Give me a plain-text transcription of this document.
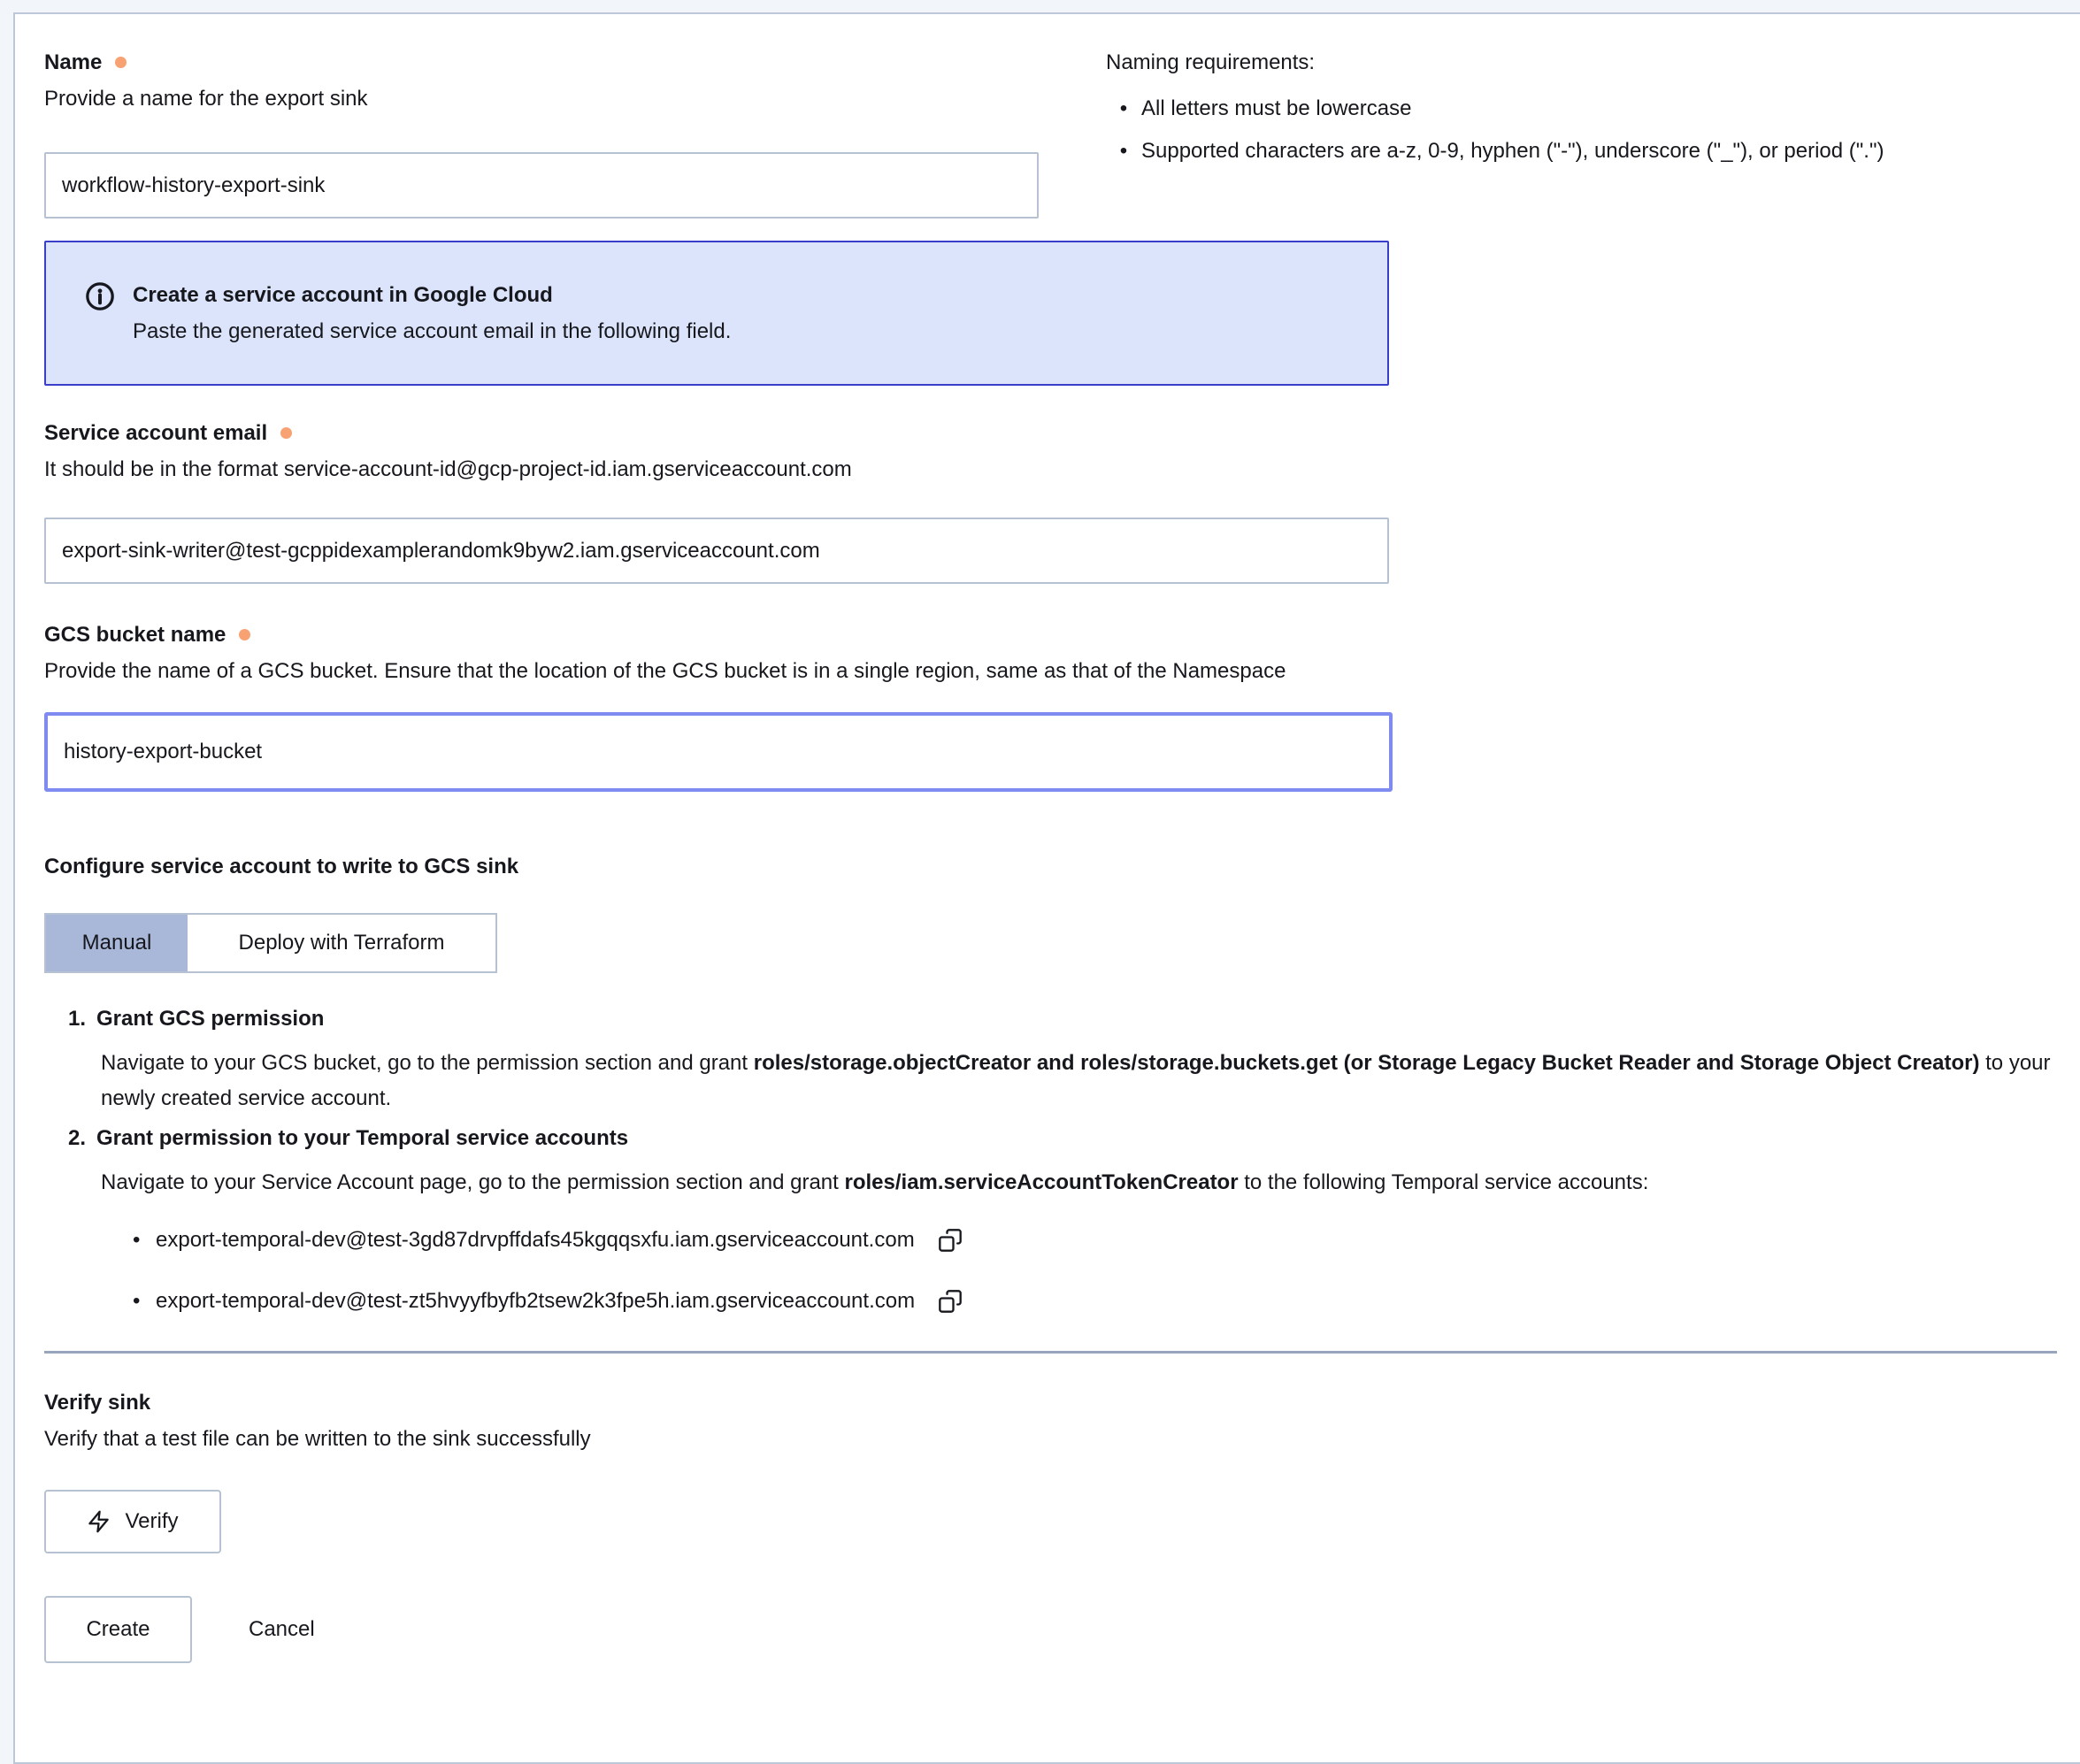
Name
Provide a name for the export sink
workflow-history-export-sink
Naming requirements:
• All letters must be lowercase
• Supported characters are a-z, 0-9, hyphen ("-"), underscore ("_"), or period (".")
Create a service account in Google Cloud
Paste the generated service account email in the following field.
Service account email
It should be in the format service-account-id@gcp-project-id.iam.gserviceaccount.com
export-sink-writer@test-gcppidexamplerandomk9byw2.iam.gserviceaccount.com
GCS bucket name
Provide the name of a GCS bucket. Ensure that the location of the GCS bucket is in a single region, same as that of the Namespace
history-export-bucket
Configure service account to write to GCS sink
Manual	Deploy with Terraform
1. Grant GCS permission
Navigate to your GCS bucket, go to the permission section and grant roles/storage.objectCreator and roles/storage.buckets.get (or Storage Legacy Bucket Reader and Storage Object Creator) to your newly created service account.
2. Grant permission to your Temporal service accounts
Navigate to your Service Account page, go to the permission section and grant roles/iam.serviceAccountTokenCreator to the following Temporal service accounts:
• export-temporal-dev@test-3gd87drvpffdafs45kgqqsxfu.iam.gserviceaccount.com
• export-temporal-dev@test-zt5hvyyfbyfb2tsew2k3fpe5h.iam.gserviceaccount.com
Verify sink
Verify that a test file can be written to the sink successfully
Verify
Create	Cancel
